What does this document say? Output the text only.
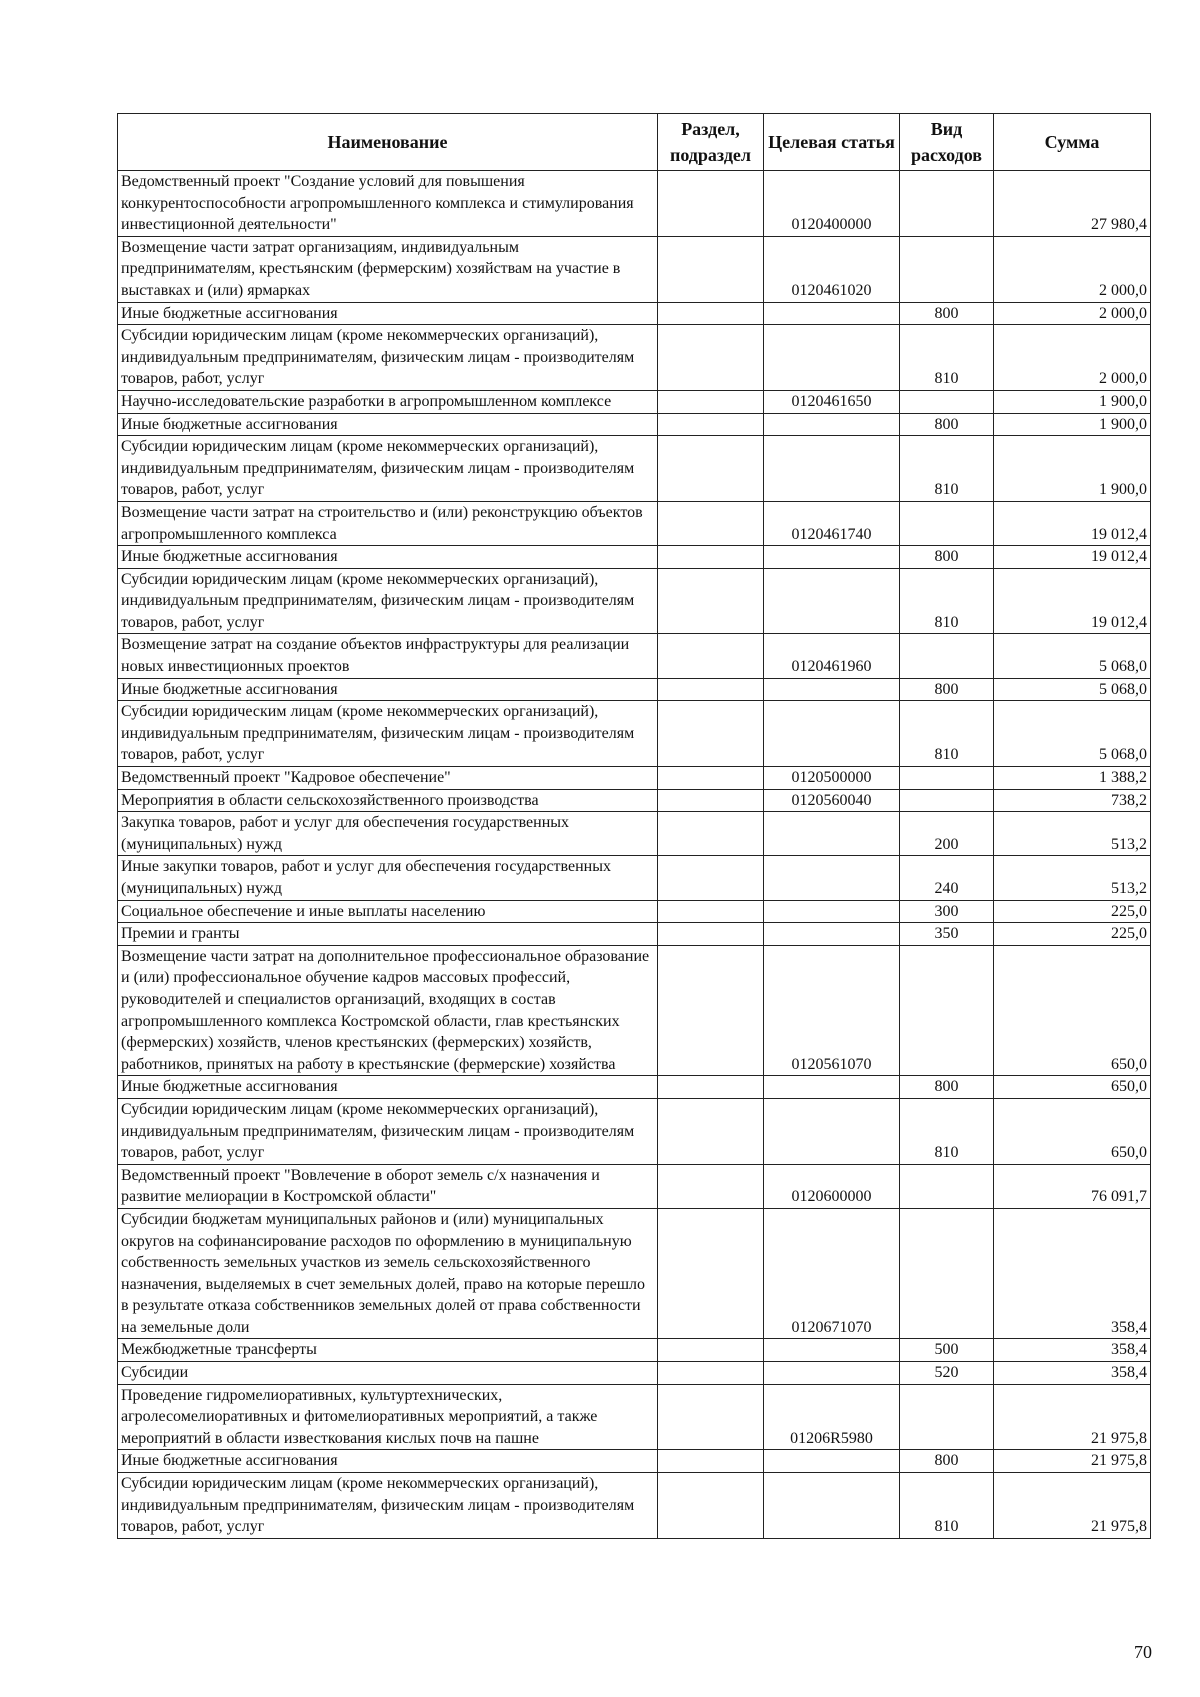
Наименование	Раздел, подраздел	Целевая статья	Вид расходов	Сумма
Ведомственный проект "Создание условий для повышения конкурентоспособности агропромышленного комплекса и стимулирования инвестиционной деятельности"		0120400000		27 980,4
Возмещение части затрат организациям, индивидуальным предпринимателям, крестьянским (фермерским) хозяйствам на участие в выставках и (или) ярмарках		0120461020		2 000,0
Иные бюджетные ассигнования			800	2 000,0
Субсидии юридическим лицам (кроме некоммерческих организаций), индивидуальным предпринимателям, физическим лицам - производителям товаров, работ, услуг			810	2 000,0
Научно-исследовательские разработки в агропромышленном комплексе		0120461650		1 900,0
Иные бюджетные ассигнования			800	1 900,0
Субсидии юридическим лицам (кроме некоммерческих организаций), индивидуальным предпринимателям, физическим лицам - производителям товаров, работ, услуг			810	1 900,0
Возмещение части затрат на строительство и (или) реконструкцию объектов агропромышленного комплекса		0120461740		19 012,4
Иные бюджетные ассигнования			800	19 012,4
Субсидии юридическим лицам (кроме некоммерческих организаций), индивидуальным предпринимателям, физическим лицам - производителям товаров, работ, услуг			810	19 012,4
Возмещение затрат на создание объектов инфраструктуры для реализации новых инвестиционных проектов		0120461960		5 068,0
Иные бюджетные ассигнования			800	5 068,0
Субсидии юридическим лицам (кроме некоммерческих организаций), индивидуальным предпринимателям, физическим лицам - производителям товаров, работ, услуг			810	5 068,0
Ведомственный проект "Кадровое обеспечение"		0120500000		1 388,2
Мероприятия в области сельскохозяйственного производства		0120560040		738,2
Закупка товаров, работ и услуг для обеспечения государственных (муниципальных) нужд			200	513,2
Иные закупки товаров, работ и услуг для обеспечения государственных (муниципальных) нужд			240	513,2
Социальное обеспечение и иные выплаты населению			300	225,0
Премии и гранты			350	225,0
Возмещение части затрат на дополнительное профессиональное образование и (или) профессиональное обучение кадров массовых профессий, руководителей и специалистов организаций, входящих в состав агропромышленного комплекса Костромской области, глав крестьянских (фермерских) хозяйств, членов крестьянских (фермерских) хозяйств, работников, принятых на работу в крестьянские (фермерские) хозяйства		0120561070		650,0
Иные бюджетные ассигнования			800	650,0
Субсидии юридическим лицам (кроме некоммерческих организаций), индивидуальным предпринимателям, физическим лицам - производителям товаров, работ, услуг			810	650,0
Ведомственный проект "Вовлечение в оборот земель с/х назначения и развитие мелиорации в Костромской области"		0120600000		76 091,7
Субсидии бюджетам муниципальных районов и (или) муниципальных округов на софинансирование расходов по оформлению в муниципальную собственность земельных участков из земель сельскохозяйственного назначения, выделяемых в счет земельных долей, право на которые перешло в результате отказа собственников земельных долей от права собственности на земельные доли		0120671070		358,4
Межбюджетные трансферты			500	358,4
Субсидии			520	358,4
Проведение гидромелиоративных, культуртехнических, агролесомелиоративных и фитомелиоративных мероприятий, а также мероприятий в области известкования кислых почв на пашне		01206R5980		21 975,8
Иные бюджетные ассигнования			800	21 975,8
Субсидии юридическим лицам (кроме некоммерческих организаций), индивидуальным предпринимателям, физическим лицам - производителям товаров, работ, услуг			810	21 975,8
70
